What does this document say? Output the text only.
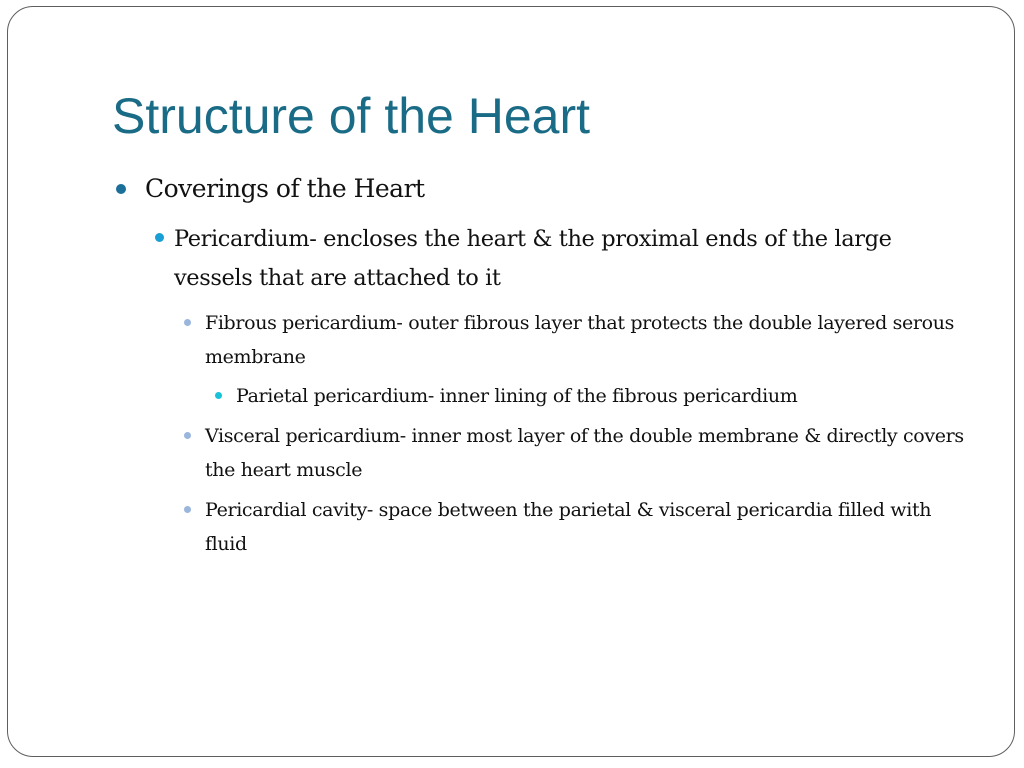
Structure of the Heart
Coverings of the Heart
Pericardium- encloses the heart & the proximal ends of the large vessels that are attached to it
Fibrous pericardium- outer fibrous layer that protects the double layered serous membrane
Parietal pericardium- inner lining of the fibrous pericardium
Visceral pericardium- inner most layer of the double membrane & directly covers the heart muscle
Pericardial cavity- space between the parietal & visceral pericardia filled with fluid
